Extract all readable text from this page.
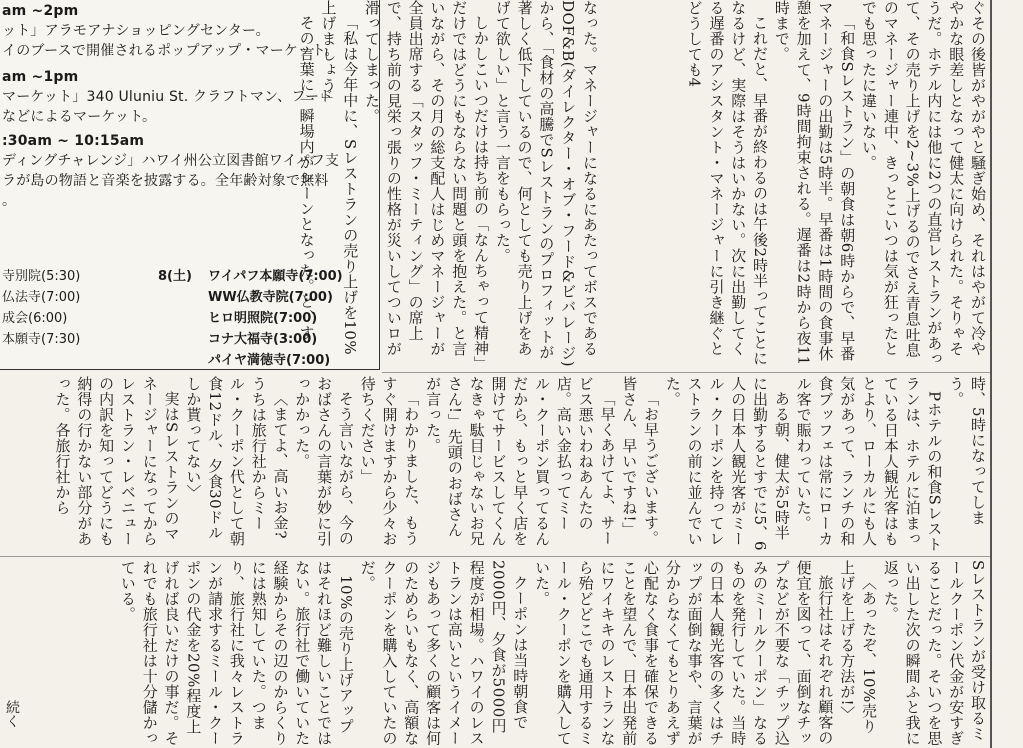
am ~2pm
ット」アラモアナショッピングセンター。
イのブースで開催されるポップアップ・マーケット。
am ~1pm
マーケット」340 Uluniu St. クラフトマン、フード
などによるマーケット。
:30am ~ 10:15am
ディングチャレンジ」ハワイ州公立図書館ワイパフ支
ラが島の物語と音楽を披露する。全年齢対象で無料
。
寺別院(5:30)
仏法寺(7:00)
成会(6:00)
本願寺(7:30)
8(土) ワイパフ本願寺(7:00)
WW仏教寺院(7:00)
ヒロ明照院(7:00)
コナ大福寺(3:00)
パイヤ満徳寺(7:00)

なった。マネージャーになるにあたってボスであるDOF&B(ダイレクター・オブ・フード&ビバレージ)から、「食材の高騰でSレストランのプロフィットが著しく低下しているので、何としても売り上げをあげて欲しい」と言う一言をもらった。

しかしこいつだけは持ち前の「なんちゃって精神」だけではどうにもならない問題と頭を抱えた。と言いながら、その月の総支配人はじめマネージャーが全員出席する「スタッフ・ミーティング」の席上で、持ち前の見栄っ張りの性格が災いしてついロが滑ってしまった。

「私は今年中に、Sレストランの売り上げを10%上げましょう」

その言葉に一瞬場内がシーンとなった。と、す	ぐその後皆がやがやと騒ぎ始め、それはやがて冷ややかな眼差しとなって健太に向けられた。そりゃそうだ。ホテル内には他に2つの直営レストランがあって、その売り上げを2~3%上げるのでさえ青息吐息のマネージャー連中、きっとこいつは気が狂ったとでも思ったに違いない。

「和食Sレストラン」の朝食は朝6時からで、早番マネージャーの出勤は5時半。早番は1時間の食事休憩を加えて、9時間拘束される。遅番は2時から夜11時まで。

これだと、早番が終わるのは午後2時半ってことになるけど、実際はそうはいかない。次に出勤してくる遅番のアシスタント・マネージャーに引き継ぐとどうしても4

時、5時になってしまう。

Pホテルの和食Sレストランは、ホテルに泊まっている日本人観光客はもとより、ローカルにも人気があって、ランチの和食ブッフェは常にローカル客で賑わっていた。

ある朝、健太が5時半に出勤するとすでに5、6人の日本人観光客がミール・クーポンを持ってレストランの前に並んでいた。

「お早うございます。皆さん、早いですね!」

「早くあけてよ、サービス悪いわねあんたの店。高い金払ってミール・クーポン買ってるんだから、もっと早く店を開けてサービスしてくんなきゃ駄目じゃないお兄さん!」先頭のおばさんが言った。

「わかりました、もうすぐ開けますから少々お待ちください」

そう言いながら、今のおばさんの言葉が妙に引っかかった。

〈まてよ、高いお金?うちは旅行社からミール・クーポン代として朝食12ドル、夕食30ドルしか貰ってない〉

実はSレストランのマネージャーになってからレストラン・レベニューの内訳を知ってどうにも納得の行かない部分があった。各旅行社から

Sレストランが受け取るミールクーポン代金が安すぎることだった。そいつを思い出した次の瞬間ふと我に返った。

〈あったぞ、10%売り上げを上げる方法が!〉

旅行社はそれぞれ顧客の便宜を図って、面倒なチップなどが不要な「チップ込みのミールクーポン」なるものを発行していた。当時の日本人観光客の多くはチップが面倒な事や、言葉が分からなくてもとりあえず心配なく食事を確保できることを望んで、日本出発前にワイキキのレストランなら殆どどこでも通用するミール・クーポンを購入していた。

クーポンは当時朝食で2000円、夕食が5000円程度が相場。ハワイのレストランは高いというイメージもあって多くの顧客は何のためらいもなく、高額なクーポンを購入していたのだ。

10%の売り上げアップはそれほど難しいことではない。旅行社で働いていた経験からその辺のからくりには熟知していた。つまり、旅行社に我々レストランが請求するミール・クーポンの代金を20%程度上げれば良いだけの事だ。それでも旅行社は十分儲かっている。

続く
